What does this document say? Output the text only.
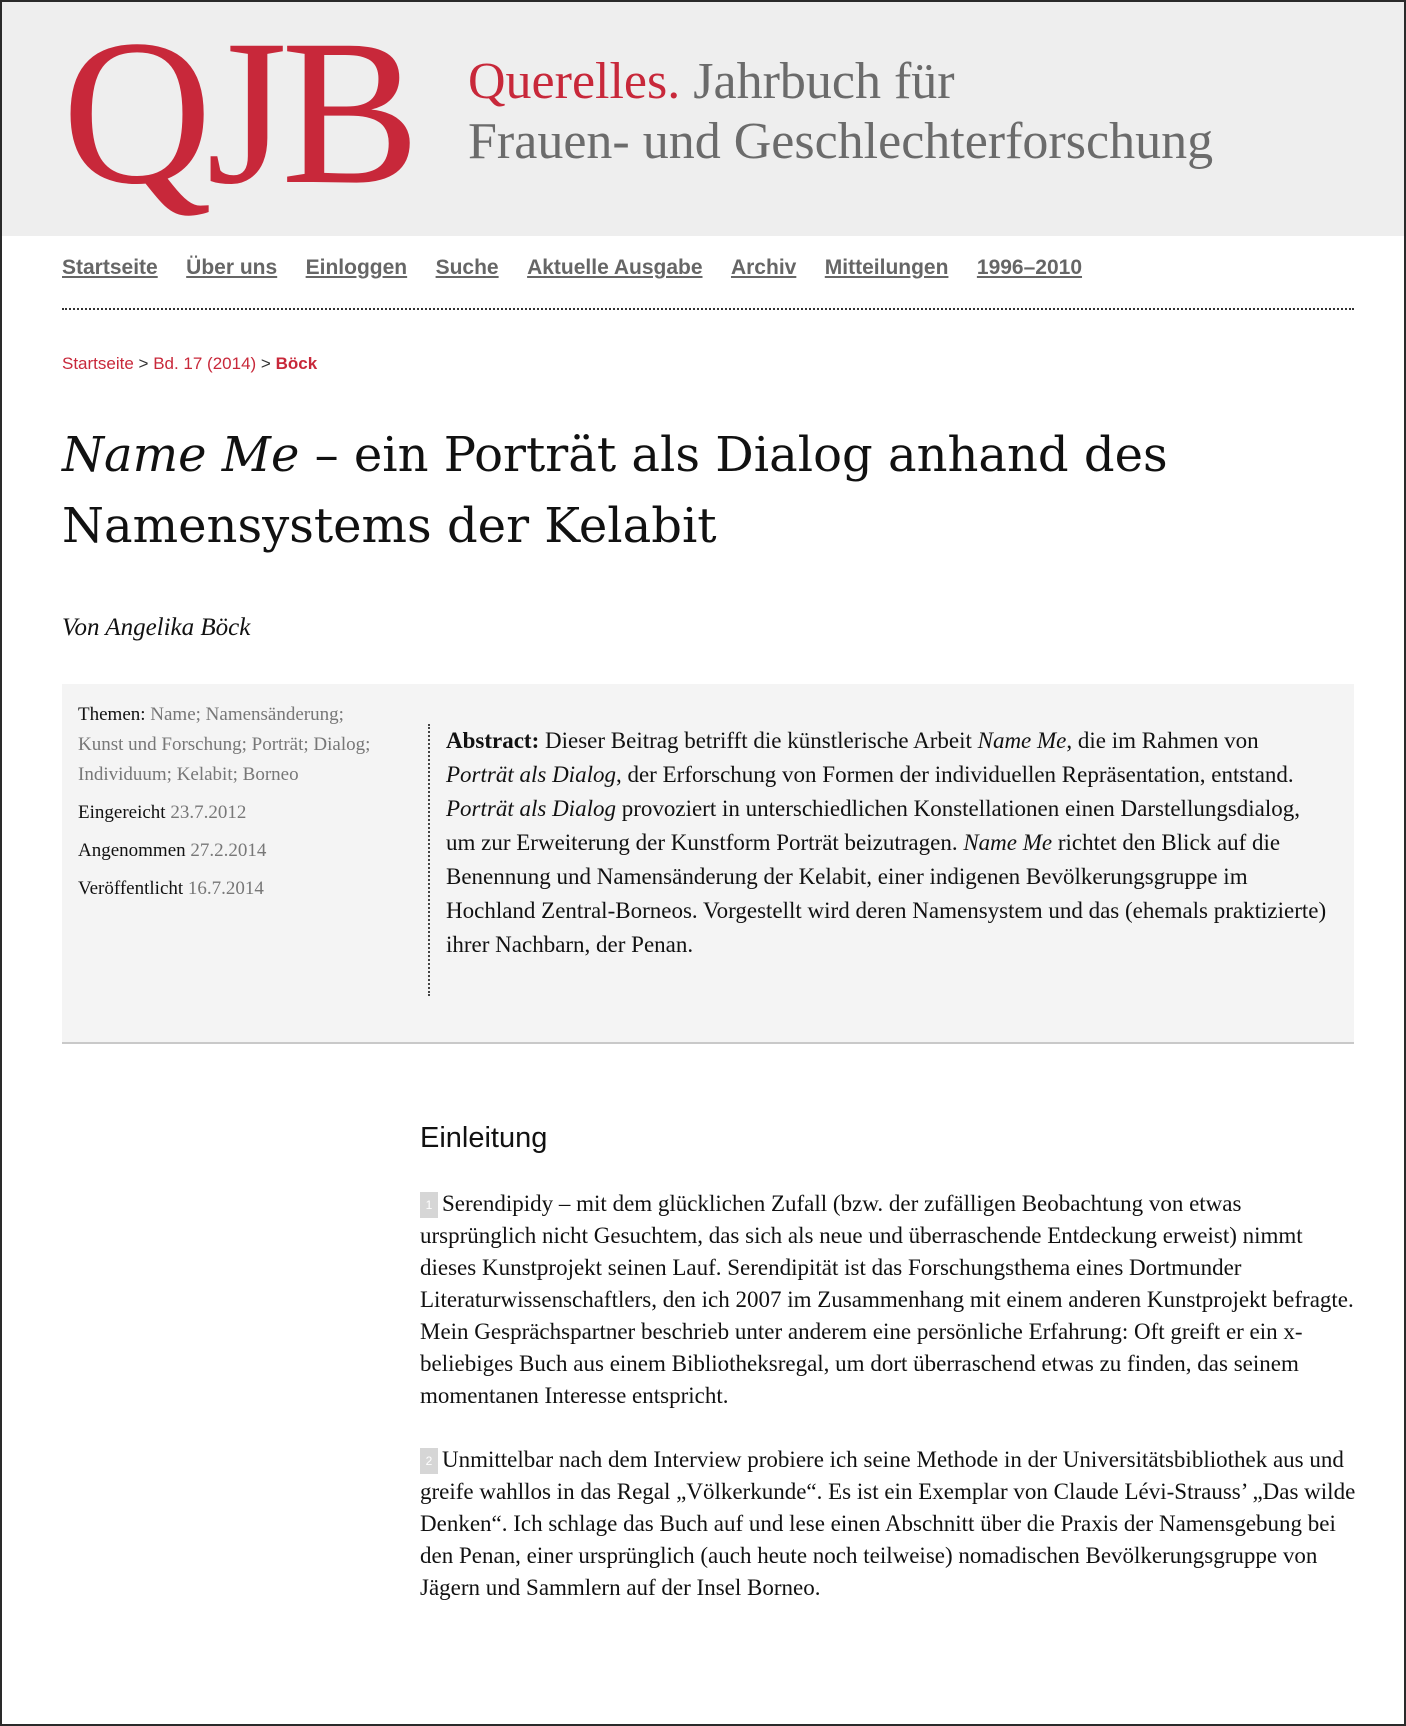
QJB Querelles. Jahrbuch für
Frauen- und Geschlechterforschung
Startseite Über uns Einloggen Suche Aktuelle Ausgabe Archiv Mitteilungen 1996–2010
Startseite > Bd. 17 (2014) > Böck
Name Me – ein Porträt als Dialog anhand des Namensystems der Kelabit
Von Angelika Böck

Themen: Name; Namensänderung; Kunst und Forschung; Porträt; Dialog; Individuum; Kelabit; Borneo

Eingereicht 23.7.2012

Angenommen 27.2.2014

Veröffentlicht 16.7.2014

Abstract: Dieser Beitrag betrifft die künstlerische Arbeit Name Me, die im Rahmen von Porträt als Dialog, der Erforschung von Formen der individuellen Repräsentation, entstand. Porträt als Dialog provoziert in unterschiedlichen Konstellationen einen Darstellungsdialog, um zur Erweiterung der Kunstform Porträt beizutragen. Name Me richtet den Blick auf die Benennung und Namensänderung der Kelabit, einer indigenen Bevölkerungsgruppe im Hochland Zentral-Borneos. Vorgestellt wird deren Namensystem und das (ehemals praktizierte) ihrer Nachbarn, der Penan.
Einleitung

1 Serendipidy – mit dem glücklichen Zufall (bzw. der zufälligen Beobachtung von etwas ursprünglich nicht Gesuchtem, das sich als neue und überraschende Entdeckung erweist) nimmt dieses Kunstprojekt seinen Lauf. Serendipität ist das Forschungsthema eines Dortmunder Literaturwissenschaftlers, den ich 2007 im Zusammenhang mit einem anderen Kunstprojekt befragte. Mein Gesprächspartner beschrieb unter anderem eine persönliche Erfahrung: Oft greift er ein x-beliebiges Buch aus einem Bibliotheksregal, um dort überraschend etwas zu finden, das seinem momentanen Interesse entspricht.

2 Unmittelbar nach dem Interview probiere ich seine Methode in der Universitätsbibliothek aus und greife wahllos in das Regal „Völkerkunde“. Es ist ein Exemplar von Claude Lévi-Strauss’ „Das wilde Denken“. Ich schlage das Buch auf und lese einen Abschnitt über die Praxis der Namensgebung bei den Penan, einer ursprünglich (auch heute noch teilweise) nomadischen Bevölkerungsgruppe von Jägern und Sammlern auf der Insel Borneo.
